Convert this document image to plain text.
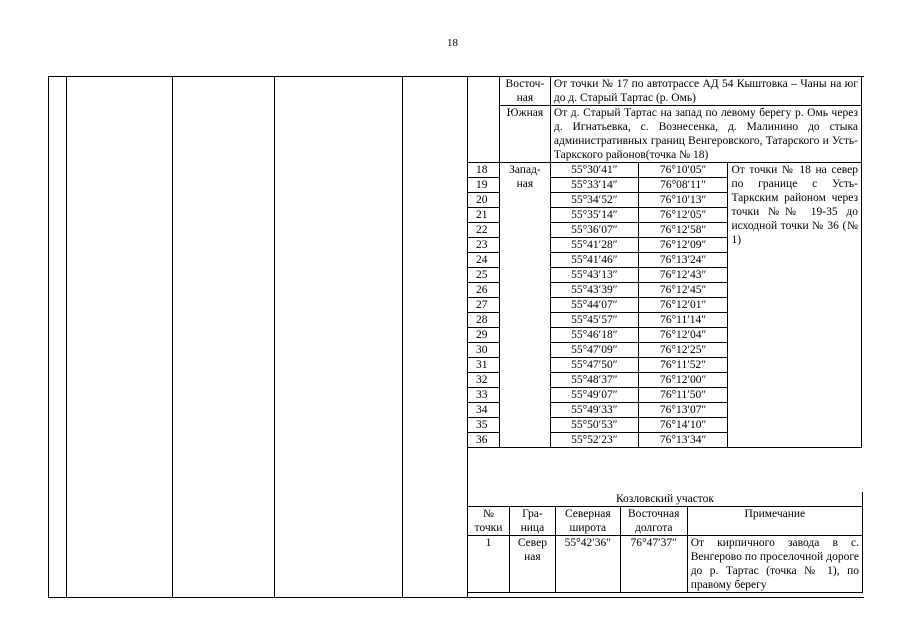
18
	Восточ-ная	От точки № 17 по автотрассе АД 54 Кыштовка – Чаны на юг до д. Старый Тартас (р. Омь)		
	Южная	От д. Старый Тартас на запад по левому берегу р. Омь через д. Игнатьевка, с. Вознесенка, д. Малинино до стыка административных границ Венгеровского, Татарского и Усть-Таркского районов(точка № 18)		
18	Запад-ная	55°30′41″	76°10′05″	От точки № 18 на север по границе с Усть-Таркским районом через точки №№ 19-35 до исходной точки № 36 (№ 1)
19		55°33′14″	76°08′11″	
20		55°34′52″	76°10′13″	
21		55°35′14″	76°12′05″	
22		55°36′07″	76°12′58″	
23		55°41′28″	76°12′09″	
24		55°41′46″	76°13′24″	
25		55°43′13″	76°12′43″	
26		55°43′39″	76°12′45″	
27		55°44′07″	76°12′01″	
28		55°45′57″	76°11′14″	
29		55°46′18″	76°12′04″	
30		55°47′09″	76°12′25″	
31		55°47′50″	76°11′52″	
32		55°48′37″	76°12′00″	
33		55°49′07″	76°11′50″	
34		55°49′33″	76°13′07″	
35		55°50′53″	76°14′10″	
36		55°52′23″	76°13′34″	
Козловский участок				
№ точки	Гра-ница	Северная широта	Восточная долгота	Примечание
1	Север ная	55°42′36″	76°47′37″	От кирпичного завода в с. Венгерово по проселочной дороге до р. Тартас (точка № 1), по правому берегу
